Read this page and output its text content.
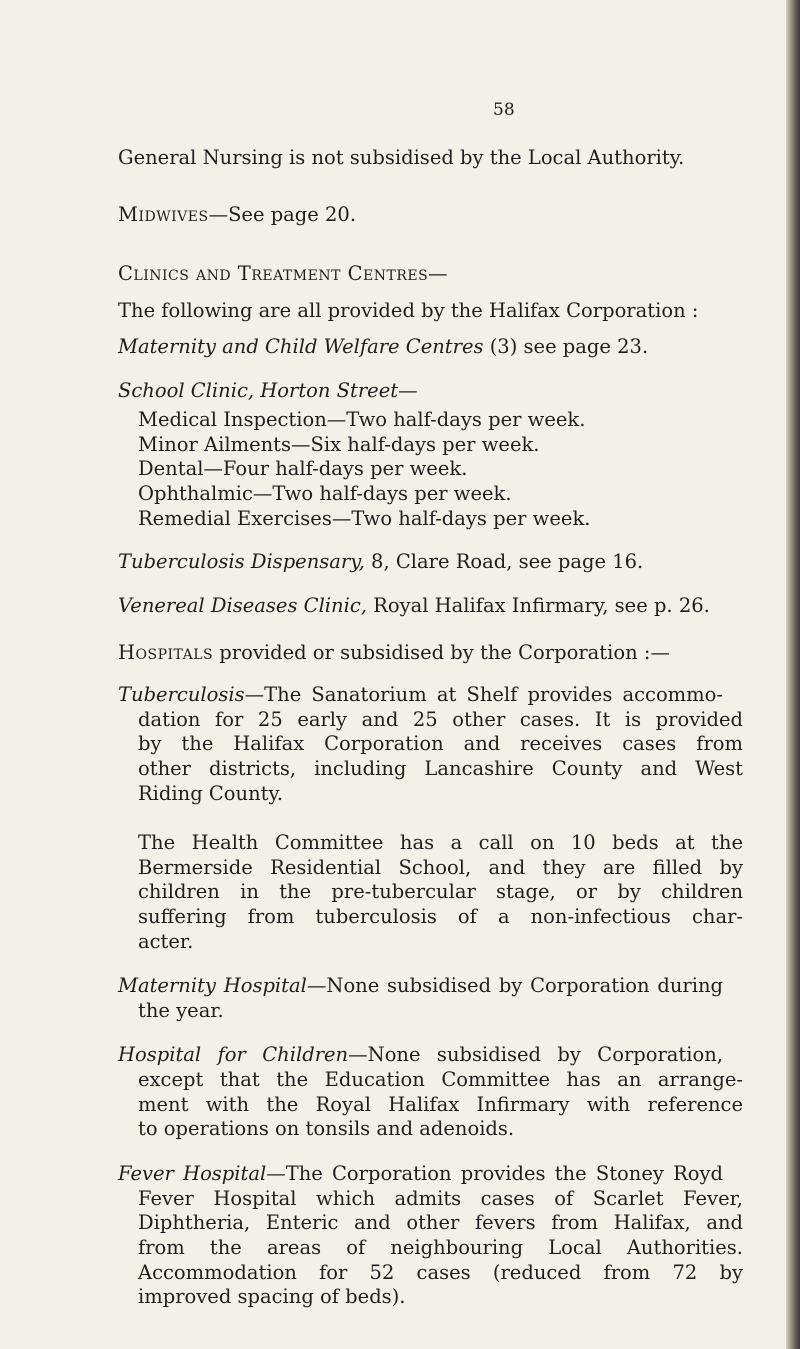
58
General Nursing is not subsidised by the Local Authority.
Midwives—See page 20.
Clinics and Treatment Centres—
The following are all provided by the Halifax Corporation :
Maternity and Child Welfare Centres (3) see page 23.
School Clinic, Horton Street—
Medical Inspection—Two half-days per week.
Minor Ailments—Six half-days per week.
Dental—Four half-days per week.
Ophthalmic—Two half-days per week.
Remedial Exercises—Two half-days per week.
Tuberculosis Dispensary, 8, Clare Road, see page 16.
Venereal Diseases Clinic, Royal Halifax Infirmary, see p. 26.
Hospitals provided or subsidised by the Corporation :—
Tuberculosis—The Sanatorium at Shelf provides accommo-
dation for 25 early and 25 other cases. It is provided
by the Halifax Corporation and receives cases from
other districts, including Lancashire County and West
Riding County.
The Health Committee has a call on 10 beds at the
Bermerside Residential School, and they are filled by
children in the pre-tubercular stage, or by children
suffering from tuberculosis of a non-infectious char-
acter.
Maternity Hospital—None subsidised by Corporation during
the year.
Hospital for Children—None subsidised by Corporation,
except that the Education Committee has an arrange-
ment with the Royal Halifax Infirmary with reference
to operations on tonsils and adenoids.
Fever Hospital—The Corporation provides the Stoney Royd
Fever Hospital which admits cases of Scarlet Fever,
Diphtheria, Enteric and other fevers from Halifax, and
from the areas of neighbouring Local Authorities.
Accommodation for 52 cases (reduced from 72 by
improved spacing of beds).
